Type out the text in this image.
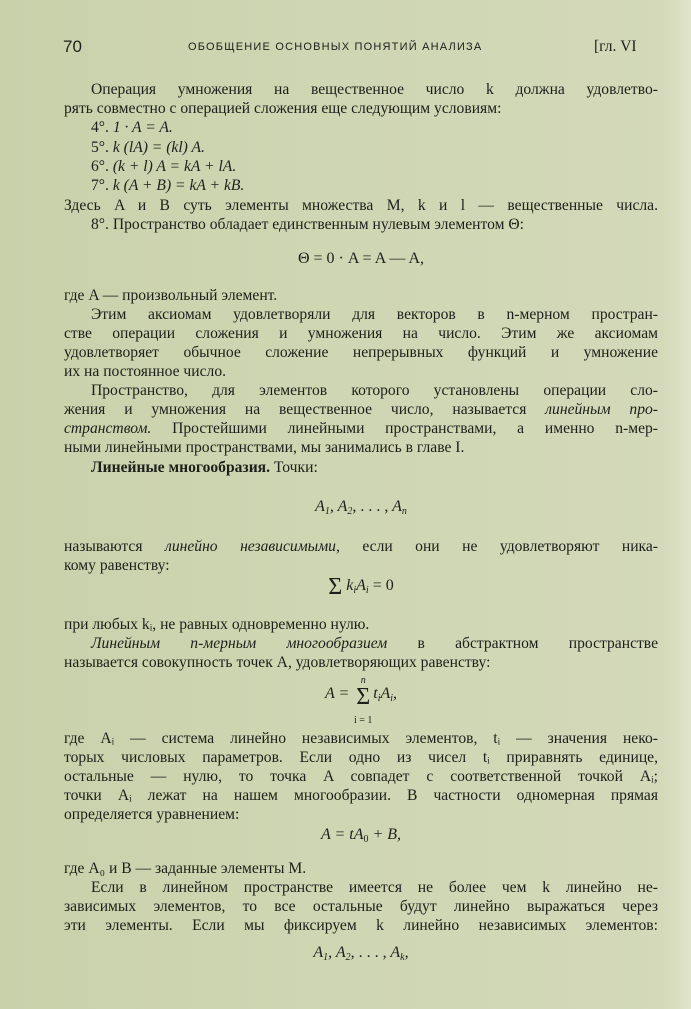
70	ОБОБЩЕНИЕ ОСНОВНЫХ ПОНЯТИЙ АНАЛИЗА	[гл. VI
Операция умножения на вещественное число k должна удовлетво-
рять совместно с операцией сложения еще следующим условиям:
4°. 1 · A = A.
5°. k (lA) = (kl) A.
6°. (k + l) A = kA + lA.
7°. k (A + B) = kA + kB.
Здесь A и B суть элементы множества M, k и l — вещественные числа.
8°. Пространство обладает единственным нулевым элементом Θ:
Θ = 0 · A = A — A,
где A — произвольный элемент.
Этим аксиомам удовлетворяли для векторов в n-мерном простран-
стве операции сложения и умножения на число. Этим же аксиомам
удовлетворяет обычное сложение непрерывных функций и умножение
их на постоянное число.
Пространство, для элементов которого установлены операции сло-
жения и умножения на вещественное число, называется линейным про-
странством. Простейшими линейными пространствами, а именно n-мер-
ными линейными пространствами, мы занимались в главе I.
Линейные многообразия. Точки:
$A_1$, $A_2$, . . . , $A_n$
называются линейно независимыми, если они не удовлетворяют ника-
кому равенству:
Σ $k_iA_i = 0$
при любых kᵢ, не равных одновременно нулю.
Линейным n-мерным многообразием в абстрактном пространстве
называется совокупность точек A, удовлетворяющих равенству:
A =
n
Σ
i = 1
$t_iA_i$,
где Aᵢ — система линейно независимых элементов, tᵢ — значения неко-
торых числовых параметров. Если одно из чисел tᵢ приравнять единице,
остальные — нулю, то точка A совпадет с соответственной точкой Aᵢ;
точки Aᵢ лежат на нашем многообразии. В частности одномерная прямая
определяется уравнением:
$A = tA_0 + B$,
где A₀ и B — заданные элементы M.
Если в линейном пространстве имеется не более чем k линейно не-
зависимых элементов, то все остальные будут линейно выражаться через
эти элементы. Если мы фиксируем k линейно независимых элементов:
$A_1$, $A_2$, . . . , $A_k$,
